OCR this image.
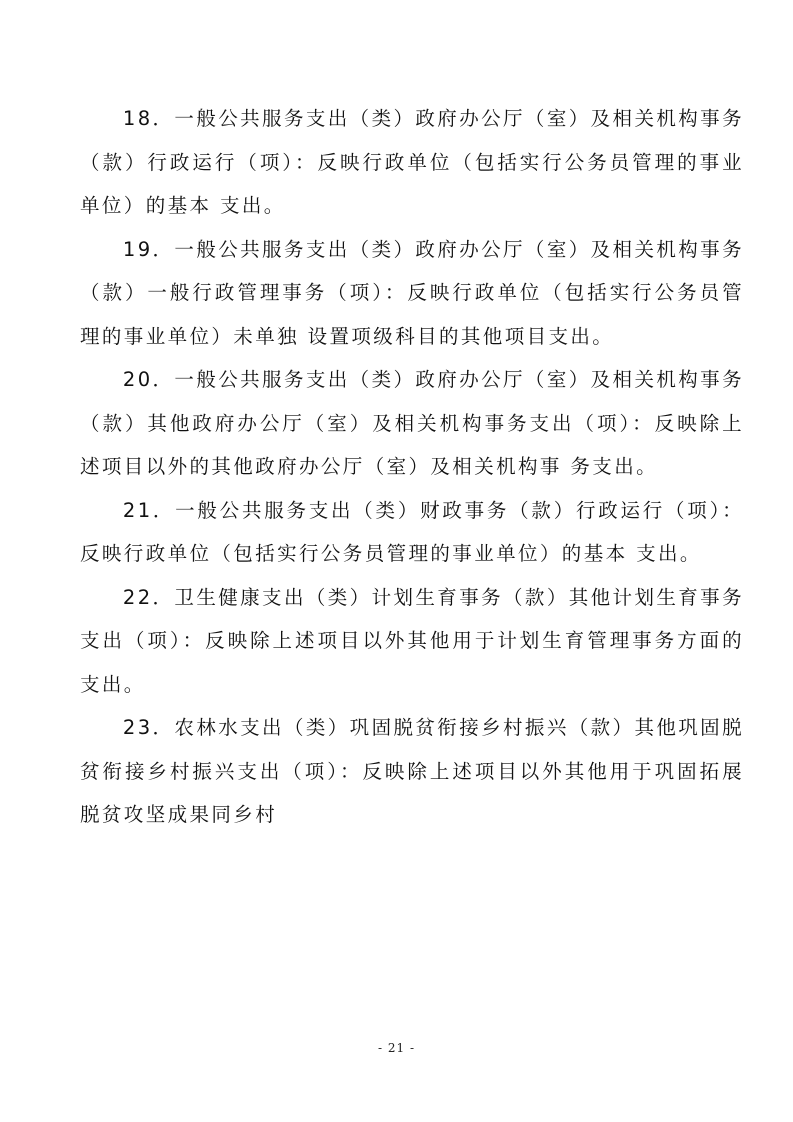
18．一般公共服务支出（类）政府办公厅（室）及相关机构事务（款）行政运行（项）：反映行政单位（包括实行公务员管理的事业单位）的基本 支出。

19．一般公共服务支出（类）政府办公厅（室）及相关机构事务（款）一般行政管理事务（项）：反映行政单位（包括实行公务员管理的事业单位）未单独 设置项级科目的其他项目支出。

20．一般公共服务支出（类）政府办公厅（室）及相关机构事务（款）其他政府办公厅（室）及相关机构事务支出（项）：反映除上述项目以外的其他政府办公厅（室）及相关机构事 务支出。

21．一般公共服务支出（类）财政事务（款）行政运行（项）：反映行政单位（包括实行公务员管理的事业单位）的基本 支出。

22．卫生健康支出（类）计划生育事务（款）其他计划生育事务支出（项）：反映除上述项目以外其他用于计划生育管理事务方面的支出。

23．农林水支出（类）巩固脱贫衔接乡村振兴（款）其他巩固脱贫衔接乡村振兴支出（项）：反映除上述项目以外其他用于巩固拓展脱贫攻坚成果同乡村

- 21 -
